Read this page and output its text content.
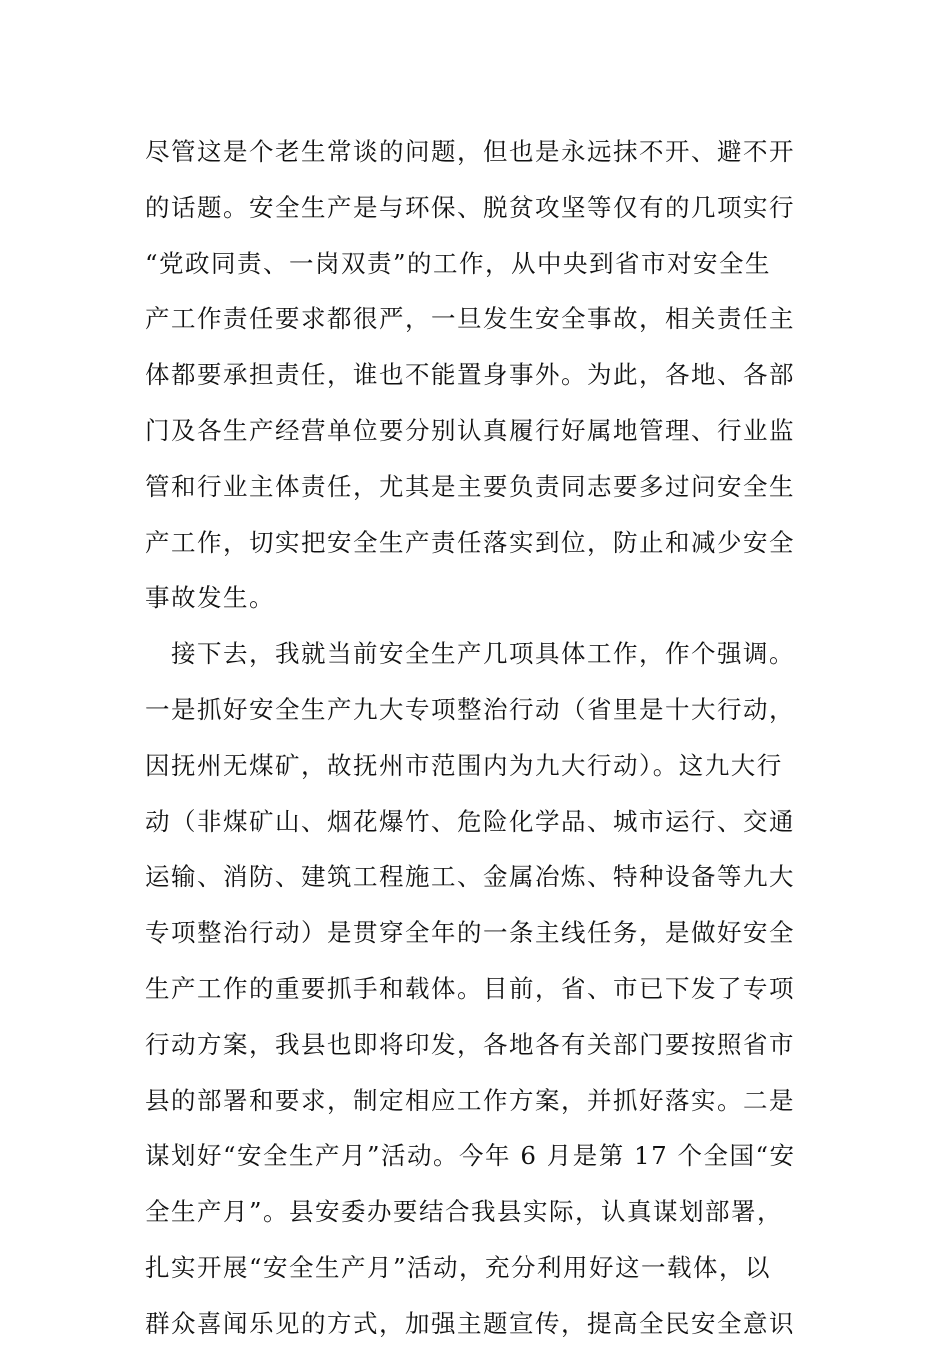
尽管这是个老生常谈的问题，但也是永远抹不开、避不开
的话题。安全生产是与环保、脱贫攻坚等仅有的几项实行
“党政同责、一岗双责”的工作，从中央到省市对安全生
产工作责任要求都很严，一旦发生安全事故，相关责任主
体都要承担责任，谁也不能置身事外。为此，各地、各部
门及各生产经营单位要分别认真履行好属地管理、行业监
管和行业主体责任，尤其是主要负责同志要多过问安全生
产工作，切实把安全生产责任落实到位，防止和减少安全
事故发生。
　接下去，我就当前安全生产几项具体工作，作个强调。
一是抓好安全生产九大专项整治行动（省里是十大行动，
因抚州无煤矿，故抚州市范围内为九大行动）。这九大行
动（非煤矿山、烟花爆竹、危险化学品、城市运行、交通
运输、消防、建筑工程施工、金属冶炼、特种设备等九大
专项整治行动）是贯穿全年的一条主线任务，是做好安全
生产工作的重要抓手和载体。目前，省、市已下发了专项
行动方案，我县也即将印发，各地各有关部门要按照省市
县的部署和要求，制定相应工作方案，并抓好落实。二是
谋划好“安全生产月”活动。今年 6 月是第 17 个全国“安
全生产月”。县安委办要结合我县实际，认真谋划部署，
扎实开展“安全生产月”活动，充分利用好这一载体，以
群众喜闻乐见的方式，加强主题宣传，提高全民安全意识
